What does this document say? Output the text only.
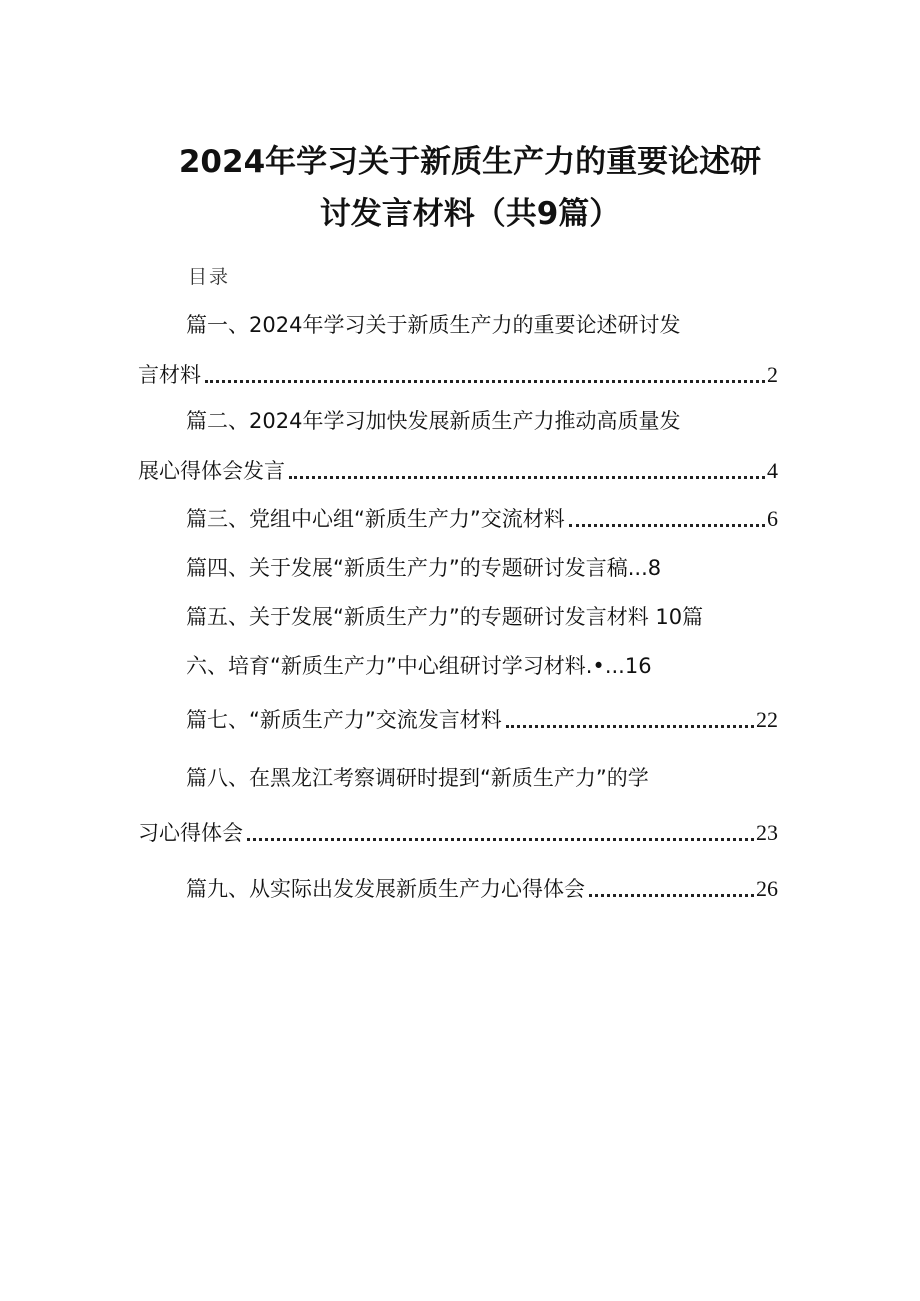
2024年学习关于新质生产力的重要论述研
讨发言材料（共9篇）
目录
篇一、2024年学习关于新质生产力的重要论述研讨发
言材料	2
篇二、2024年学习加快发展新质生产力推动高质量发
展心得体会发言	4
篇三、党组中心组“新质生产力”交流材料	6
篇四、关于发展“新质生产力”的专题研讨发言稿...8
篇五、关于发展“新质生产力”的专题研讨发言材料 10篇
六、培育“新质生产力”中心组研讨学习材料.•...16
篇七、“新质生产力”交流发言材料	22
篇八、在黑龙江考察调研时提到“新质生产力”的学
习心得体会	23
篇九、从实际出发发展新质生产力心得体会	26
